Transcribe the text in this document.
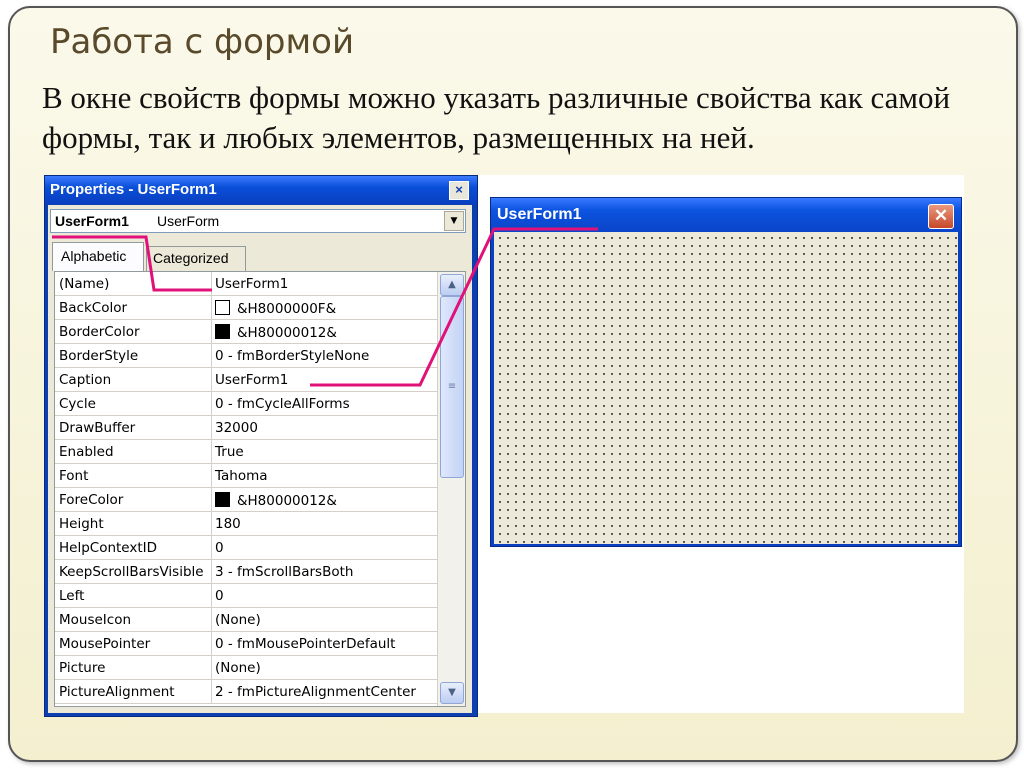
Работа с формой
В окне свойств формы можно указать различные свойства как самой формы, так и любых элементов, размещенных на ней.
Properties - UserForm1	×
UserForm1 UserForm	▼
Alphabetic	Categorized
(Name)	UserForm1
BackColor	&H8000000F&
BorderColor	&H80000012&
BorderStyle	0 - fmBorderStyleNone
Caption	UserForm1
Cycle	0 - fmCycleAllForms
DrawBuffer	32000
Enabled	True
Font	Tahoma
ForeColor	&H80000012&
Height	180
HelpContextID	0
KeepScrollBarsVisible 3 - fmScrollBarsBoth
Left	0
MouseIcon	(None)
MousePointer	0 - fmMousePointerDefault
Picture	(None)
PictureAlignment	2 - fmPictureAlignmentCenter
▲
≡
▼
UserForm1	✕
